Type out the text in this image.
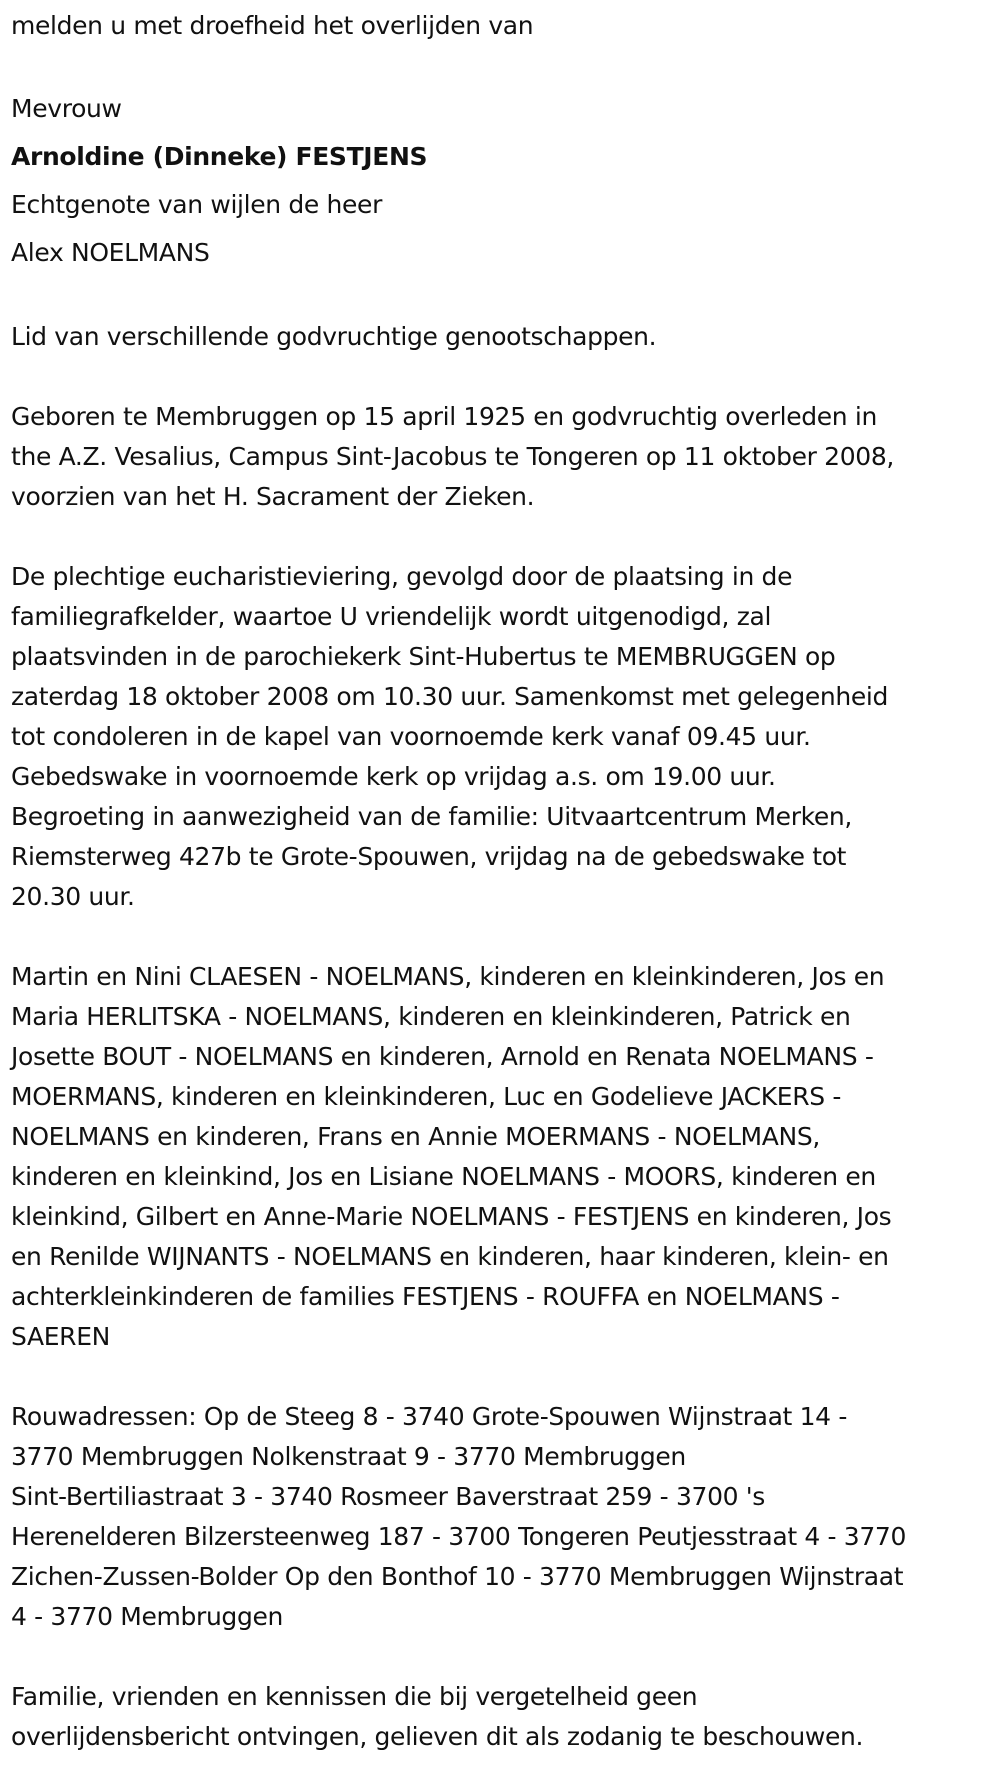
melden u met droefheid het overlijden van
Mevrouw
Arnoldine (Dinneke) FESTJENS
Echtgenote van wijlen de heer
Alex NOELMANS
Lid van verschillende godvruchtige genootschappen.
Geboren te Membruggen op 15 april 1925 en godvruchtig overleden in
the A.Z. Vesalius, Campus Sint-Jacobus te Tongeren op 11 oktober 2008,
voorzien van het H. Sacrament der Zieken.
De plechtige eucharistieviering, gevolgd door de plaatsing in de
familiegrafkelder, waartoe U vriendelijk wordt uitgenodigd, zal
plaatsvinden in de parochiekerk Sint-Hubertus te MEMBRUGGEN op
zaterdag 18 oktober 2008 om 10.30 uur. Samenkomst met gelegenheid
tot condoleren in de kapel van voornoemde kerk vanaf 09.45 uur.
Gebedswake in voornoemde kerk op vrijdag a.s. om 19.00 uur.
Begroeting in aanwezigheid van de familie: Uitvaartcentrum Merken,
Riemsterweg 427b te Grote-Spouwen, vrijdag na de gebedswake tot
20.30 uur.
Martin en Nini CLAESEN - NOELMANS, kinderen en kleinkinderen, Jos en
Maria HERLITSKA - NOELMANS, kinderen en kleinkinderen, Patrick en
Josette BOUT - NOELMANS en kinderen, Arnold en Renata NOELMANS -
MOERMANS, kinderen en kleinkinderen, Luc en Godelieve JACKERS -
NOELMANS en kinderen, Frans en Annie MOERMANS - NOELMANS,
kinderen en kleinkind, Jos en Lisiane NOELMANS - MOORS, kinderen en
kleinkind, Gilbert en Anne-Marie NOELMANS - FESTJENS en kinderen, Jos
en Renilde WIJNANTS - NOELMANS en kinderen, haar kinderen, klein- en
achterkleinkinderen de families FESTJENS - ROUFFA en NOELMANS -
SAEREN
Rouwadressen: Op de Steeg 8 - 3740 Grote-Spouwen Wijnstraat 14 -
3770 Membruggen Nolkenstraat 9 - 3770 Membruggen
Sint-Bertiliastraat 3 - 3740 Rosmeer Baverstraat 259 - 3700 's
Herenelderen Bilzersteenweg 187 - 3700 Tongeren Peutjesstraat 4 - 3770
Zichen-Zussen-Bolder Op den Bonthof 10 - 3770 Membruggen Wijnstraat
4 - 3770 Membruggen
Familie, vrienden en kennissen die bij vergetelheid geen
overlijdensbericht ontvingen, gelieven dit als zodanig te beschouwen.
